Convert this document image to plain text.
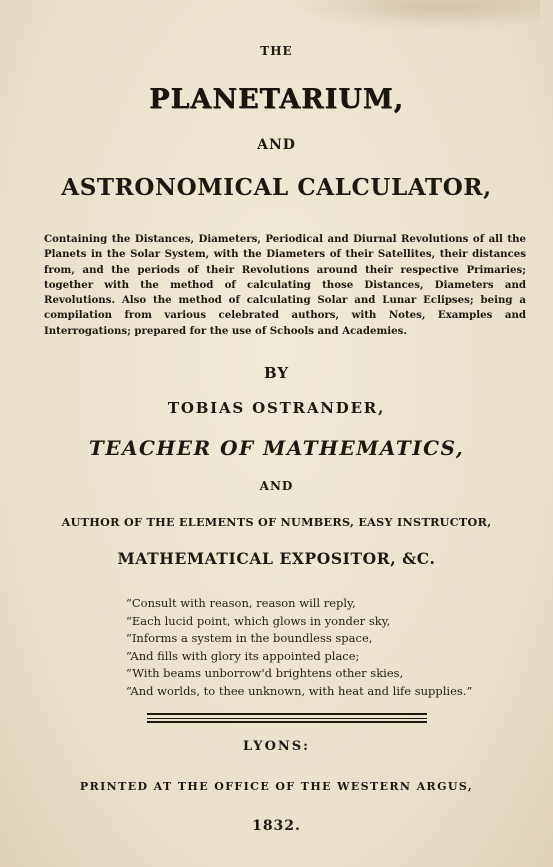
THE
PLANETARIUM,
AND
ASTRONOMICAL CALCULATOR,
Containing the Distances, Diameters, Periodical and Diurnal Revolutions of all the Planets in the Solar System, with the Diameters of their Satellites, their distances from, and the periods of their Revolutions around their respective Primaries; together with the method of calculating those Distances, Diameters and Revolutions. Also the method of calculating Solar and Lunar Eclipses; being a compilation from various celebrated authors, with Notes, Examples and Interrogations; prepared for the use of Schools and Academies.
BY
TOBIAS OSTRANDER,
TEACHER OF MATHEMATICS,
AND
AUTHOR OF THE ELEMENTS OF NUMBERS, EASY INSTRUCTOR,
MATHEMATICAL EXPOSITOR, &C.
“Consult with reason, reason will reply,
“Each lucid point, which glows in yonder sky,
“Informs a system in the boundless space,
“And fills with glory its appointed place;
“With beams unborrow'd brightens other skies,
“And worlds, to thee unknown, with heat and life supplies.”
LYONS:
PRINTED AT THE OFFICE OF THE WESTERN ARGUS,
1832.
